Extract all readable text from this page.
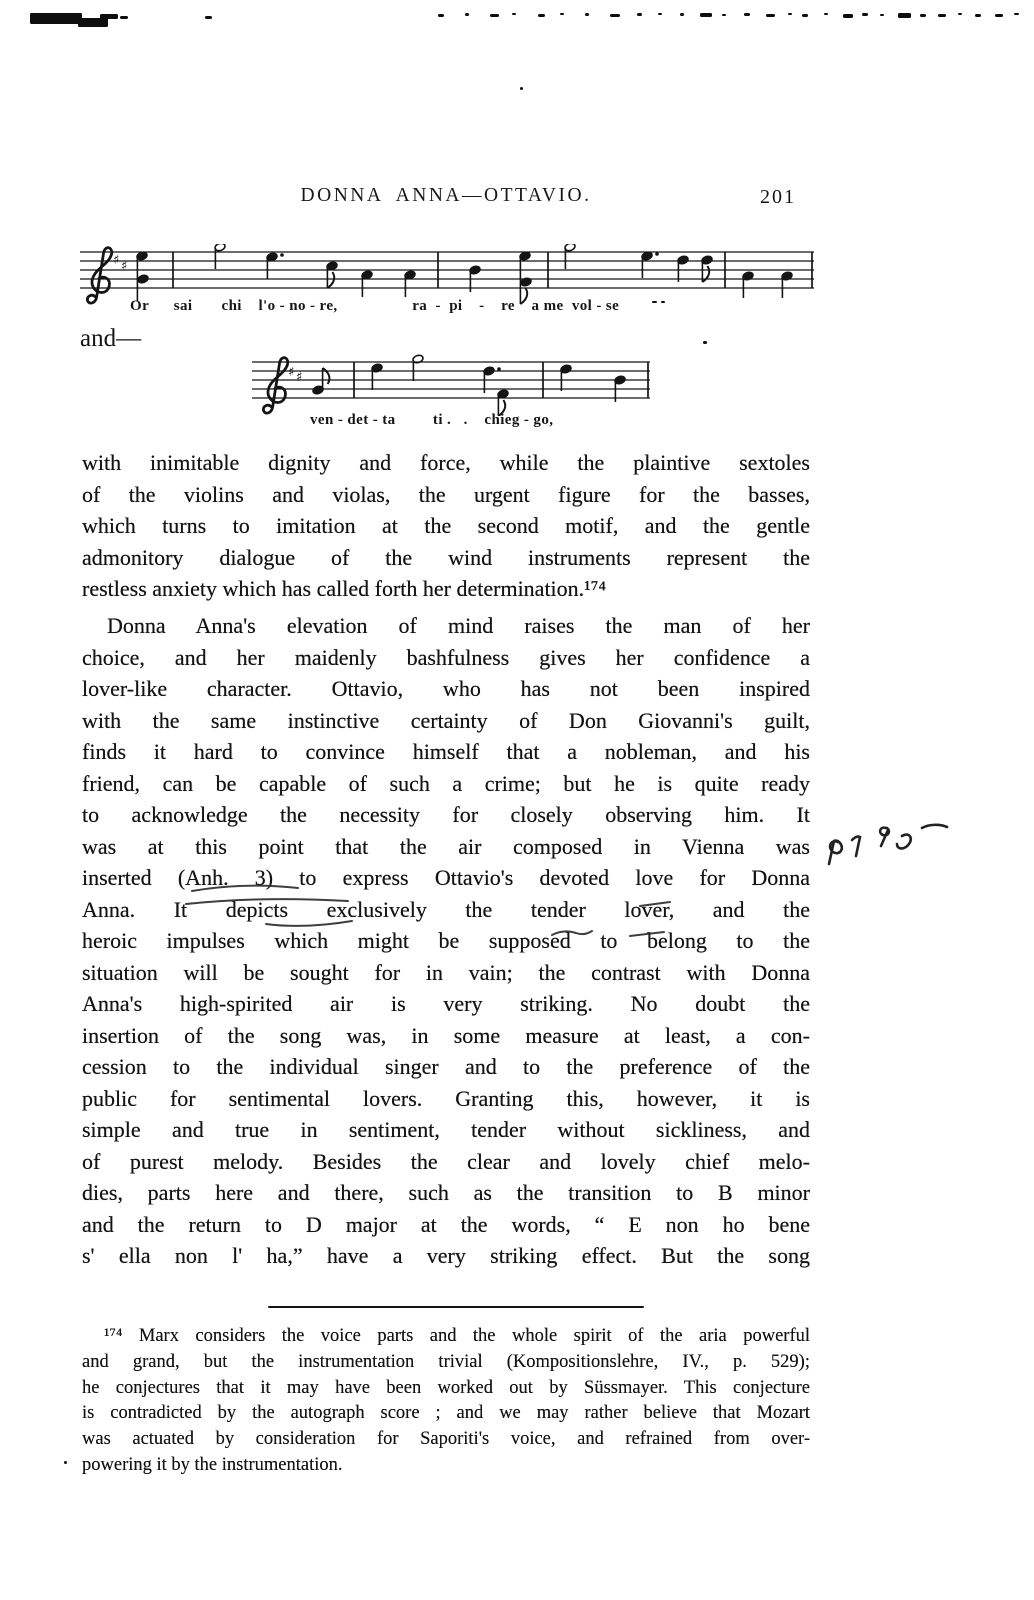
DONNA ANNA—OTTAVIO.	201
♯ ♯
Or      sai       chi    l'o - no - re,                  ra  -  pi    -    re    a me  vol - se
and—
♯ ♯
ven - det - ta         ti .   .    chieg - go,
with inimitable dignity and force, while the plaintive sextoles
of the violins and violas, the urgent figure for the basses,
which turns to imitation at the second motif, and the gentle
admonitory dialogue of the wind instruments represent the
restless anxiety which has called forth her determination.¹⁷⁴
Donna Anna's elevation of mind raises the man of her
choice, and her maidenly bashfulness gives her confidence a
lover-like character. Ottavio, who has not been inspired
with the same instinctive certainty of Don Giovanni's guilt,
finds it hard to convince himself that a nobleman, and his
friend, can be capable of such a crime; but he is quite ready
to acknowledge the necessity for closely observing him. It
was at this point that the air composed in Vienna was
inserted (Anh. 3) to express Ottavio's devoted love for Donna
Anna. It depicts exclusively the tender lover, and the
heroic impulses which might be supposed to belong to the
situation will be sought for in vain; the contrast with Donna
Anna's high-spirited air is very striking. No doubt the
insertion of the song was, in some measure at least, a con-
cession to the individual singer and to the preference of the
public for sentimental lovers. Granting this, however, it is
simple and true in sentiment, tender without sickliness, and
of purest melody. Besides the clear and lovely chief melo-
dies, parts here and there, such as the transition to B minor
and the return to D major at the words, “ E non ho bene
s' ella non l' ha,” have a very striking effect. But the song
¹⁷⁴ Marx considers the voice parts and the whole spirit of the aria powerful
and grand, but the instrumentation trivial (Kompositionslehre, IV., p. 529);
he conjectures that it may have been worked out by Süssmayer. This conjecture
is contradicted by the autograph score ; and we may rather believe that Mozart
was actuated by consideration for Saporiti's voice, and refrained from over-
powering it by the instrumentation.
